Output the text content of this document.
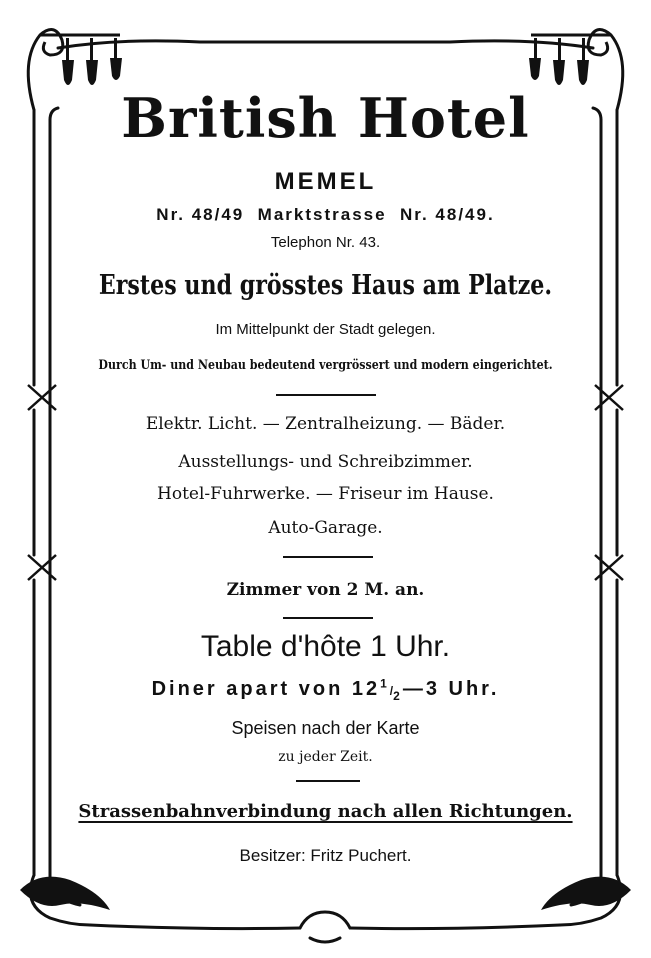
British Hotel
MEMEL
Nr. 48/49  Marktstrasse  Nr. 48/49.
Telephon Nr. 43.
Erstes und grösstes Haus am Platze.
Im Mittelpunkt der Stadt gelegen.
Durch Um- und Neubau bedeutend vergrössert und modern eingerichtet.
Elektr. Licht. — Zentralheizung. — Bäder.
Ausstellungs- und Schreibzimmer.
Hotel-Fuhrwerke. — Friseur im Hause.
Auto-Garage.
Zimmer von 2 M. an.
Table d'hôte 1 Uhr.
Diner apart von $12^1/_2—3$ Uhr.
Speisen nach der Karte
zu jeder Zeit.
Strassenbahnverbindung nach allen Richtungen.
Besitzer: Fritz Puchert.
